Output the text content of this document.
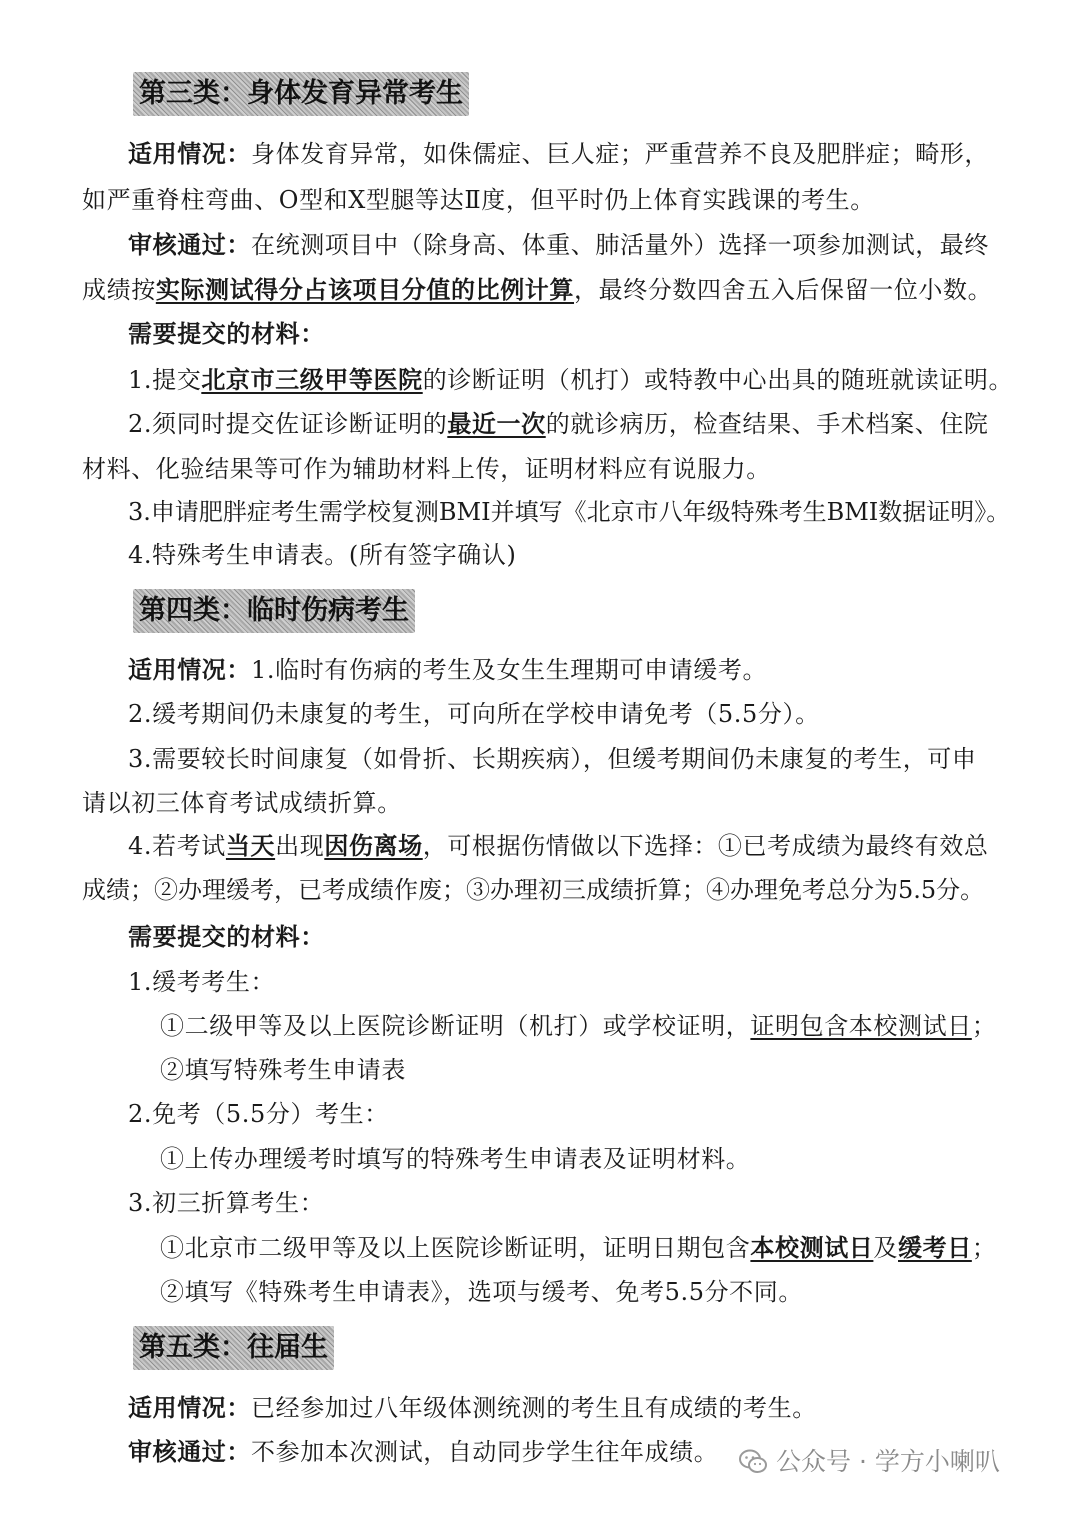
第三类：身体发育异常考生
适用情况：身体发育异常，如侏儒症、巨人症；严重营养不良及肥胖症；畸形，
如严重脊柱弯曲、O型和X型腿等达Ⅱ度，但平时仍上体育实践课的考生。
审核通过：在统测项目中（除身高、体重、肺活量外）选择一项参加测试，最终
成绩按实际测试得分占该项目分值的比例计算，最终分数四舍五入后保留一位小数。
需要提交的材料：
1.提交北京市三级甲等医院的诊断证明（机打）或特教中心出具的随班就读证明。
2.须同时提交佐证诊断证明的最近一次的就诊病历，检查结果、手术档案、住院
材料、化验结果等可作为辅助材料上传，证明材料应有说服力。
3.申请肥胖症考生需学校复测BMI并填写《北京市八年级特殊考生BMI数据证明》。
4.特殊考生申请表。(所有签字确认)
第四类：临时伤病考生
适用情况：1.临时有伤病的考生及女生生理期可申请缓考。
2.缓考期间仍未康复的考生，可向所在学校申请免考（5.5分）。
3.需要较长时间康复（如骨折、长期疾病），但缓考期间仍未康复的考生，可申
请以初三体育考试成绩折算。
4.若考试当天出现因伤离场，可根据伤情做以下选择：①已考成绩为最终有效总
成绩；②办理缓考，已考成绩作废；③办理初三成绩折算；④办理免考总分为5.5分。
需要提交的材料：
1.缓考考生：
①二级甲等及以上医院诊断证明（机打）或学校证明，证明包含本校测试日；
②填写特殊考生申请表
2.免考（5.5分）考生：
①上传办理缓考时填写的特殊考生申请表及证明材料。
3.初三折算考生：
①北京市二级甲等及以上医院诊断证明，证明日期包含本校测试日及缓考日；
②填写《特殊考生申请表》，选项与缓考、免考5.5分不同。
第五类：往届生
适用情况：已经参加过八年级体测统测的考生且有成绩的考生。
审核通过：不参加本次测试，自动同步学生往年成绩。	公众号 · 学方小喇叭
